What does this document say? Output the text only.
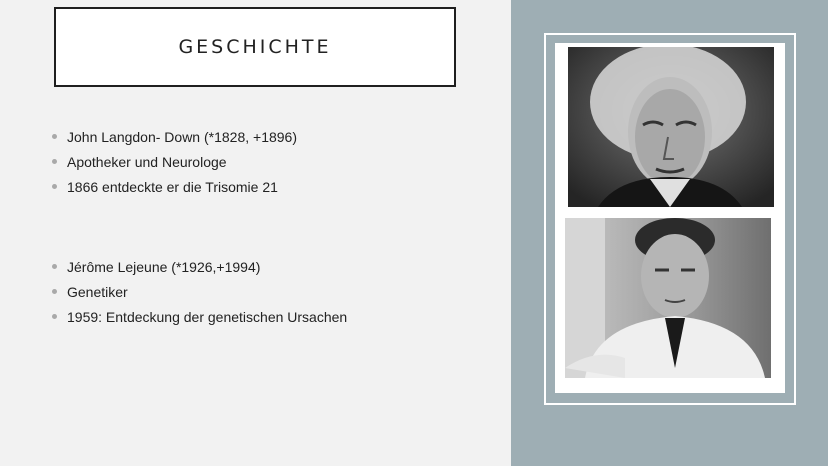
GESCHICHTE
John Langdon- Down (*1828, +1896)
Apotheker und Neurologe
1866 entdeckte er die Trisomie 21
Jérôme Lejeune (*1926,+1994)
Genetiker
1959: Entdeckung der genetischen Ursachen
